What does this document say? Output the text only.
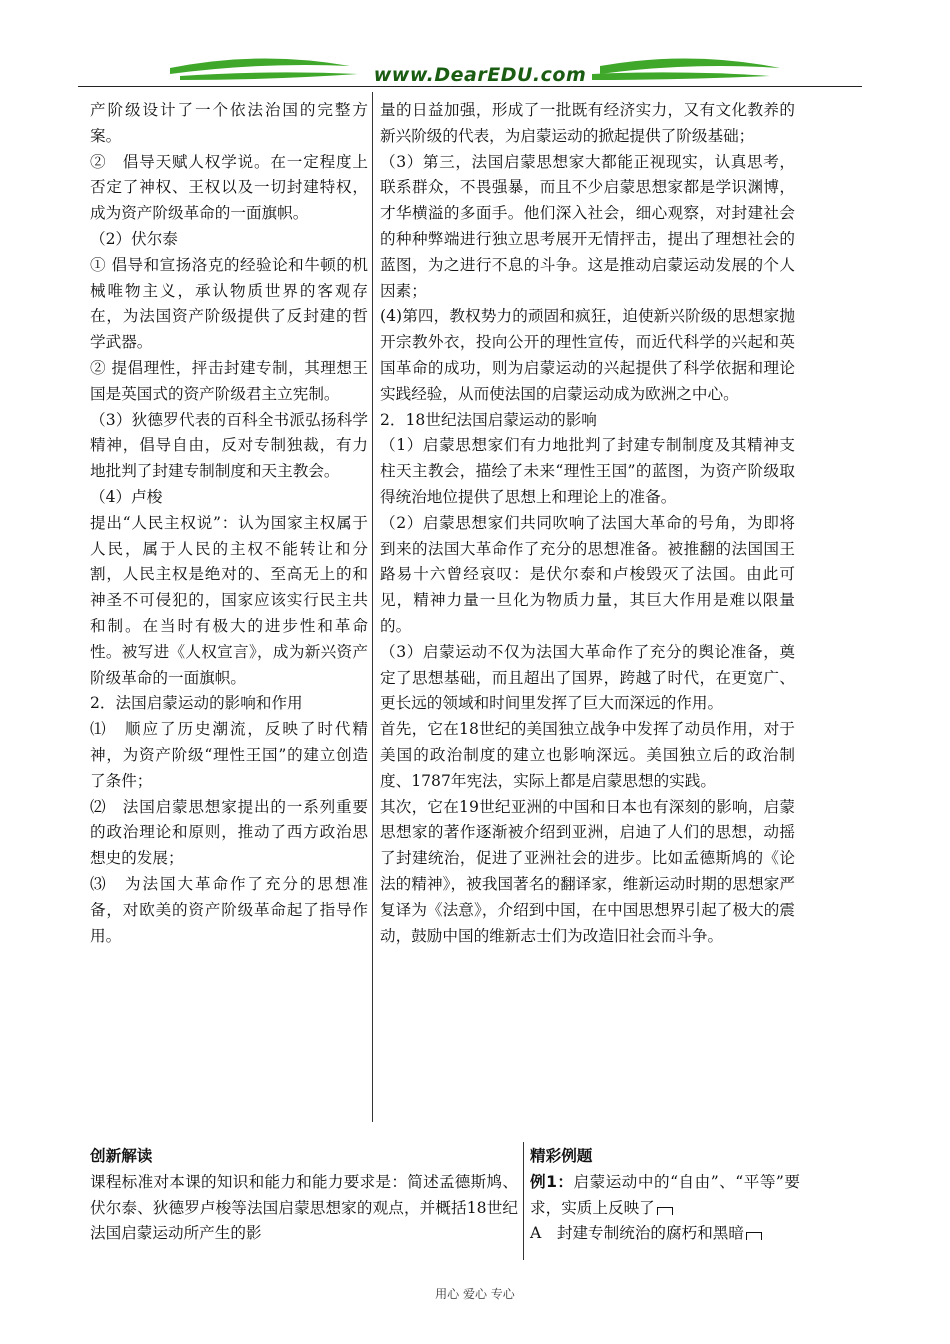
www.DearEDU.com

产阶级设计了一个依法治国的完整方案。

②　倡导天赋人权学说。在一定程度上否定了神权、王权以及一切封建特权，成为资产阶级革命的一面旗帜。

（2）伏尔泰

① 倡导和宣扬洛克的经验论和牛顿的机械唯物主义，承认物质世界的客观存在，为法国资产阶级提供了反封建的哲学武器。

② 提倡理性，抨击封建专制，其理想王国是英国式的资产阶级君主立宪制。

（3）狄德罗代表的百科全书派弘扬科学精神，倡导自由，反对专制独裁，有力地批判了封建专制制度和天主教会。

（4）卢梭

提出“人民主权说”：认为国家主权属于人民，属于人民的主权不能转让和分割，人民主权是绝对的、至高无上的和神圣不可侵犯的，国家应该实行民主共和制。在当时有极大的进步性和革命性。被写进《人权宣言》，成为新兴资产阶级革命的一面旗帜。

2．法国启蒙运动的影响和作用

⑴　顺应了历史潮流，反映了时代精神，为资产阶级“理性王国”的建立创造了条件；

⑵　法国启蒙思想家提出的一系列重要的政治理论和原则，推动了西方政治思想史的发展；

⑶　为法国大革命作了充分的思想准备，对欧美的资产阶级革命起了指导作用。

量的日益加强，形成了一批既有经济实力，又有文化教养的新兴阶级的代表，为启蒙运动的掀起提供了阶级基础；

（3）第三，法国启蒙思想家大都能正视现实，认真思考，联系群众，不畏强暴，而且不少启蒙思想家都是学识渊博，才华横溢的多面手。他们深入社会，细心观察，对封建社会的种种弊端进行独立思考展开无情抨击，提出了理想社会的蓝图，为之进行不息的斗争。这是推动启蒙运动发展的个人因素；

(4)第四，教权势力的顽固和疯狂，迫使新兴阶级的思想家抛开宗教外衣，投向公开的理性宣传，而近代科学的兴起和英国革命的成功，则为启蒙运动的兴起提供了科学依据和理论实践经验，从而使法国的启蒙运动成为欧洲之中心。

2．18世纪法国启蒙运动的影响

（1）启蒙思想家们有力地批判了封建专制制度及其精神支柱天主教会，描绘了未来“理性王国”的蓝图，为资产阶级取得统治地位提供了思想上和理论上的准备。

（2）启蒙思想家们共同吹响了法国大革命的号角，为即将到来的法国大革命作了充分的思想准备。被推翻的法国国王路易十六曾经哀叹：是伏尔泰和卢梭毁灭了法国。由此可见，精神力量一旦化为物质力量，其巨大作用是难以限量的。

（3）启蒙运动不仅为法国大革命作了充分的舆论准备，奠定了思想基础，而且超出了国界，跨越了时代，在更宽广、更长远的领域和时间里发挥了巨大而深远的作用。

首先，它在18世纪的美国独立战争中发挥了动员作用，对于美国的政治制度的建立也影响深远。美国独立后的政治制度、1787年宪法，实际上都是启蒙思想的实践。

其次，它在19世纪亚洲的中国和日本也有深刻的影响，启蒙思想家的著作逐渐被介绍到亚洲，启迪了人们的思想，动摇了封建统治，促进了亚洲社会的进步。比如孟德斯鸠的《论法的精神》，被我国著名的翻译家，维新运动时期的思想家严复译为《法意》，介绍到中国，在中国思想界引起了极大的震动，鼓励中国的维新志士们为改造旧社会而斗争。

创新解读

课程标准对本课的知识和能力和能力要求是：简述孟德斯鸠、伏尔泰、狄德罗卢梭等法国启蒙思想家的观点，并概括18世纪法国启蒙运动所产生的影

精彩例题

例1：启蒙运动中的“自由”、“平等”要求，实质上反映了

A　封建专制统治的腐朽和黑暗

用心 爱心 专心
